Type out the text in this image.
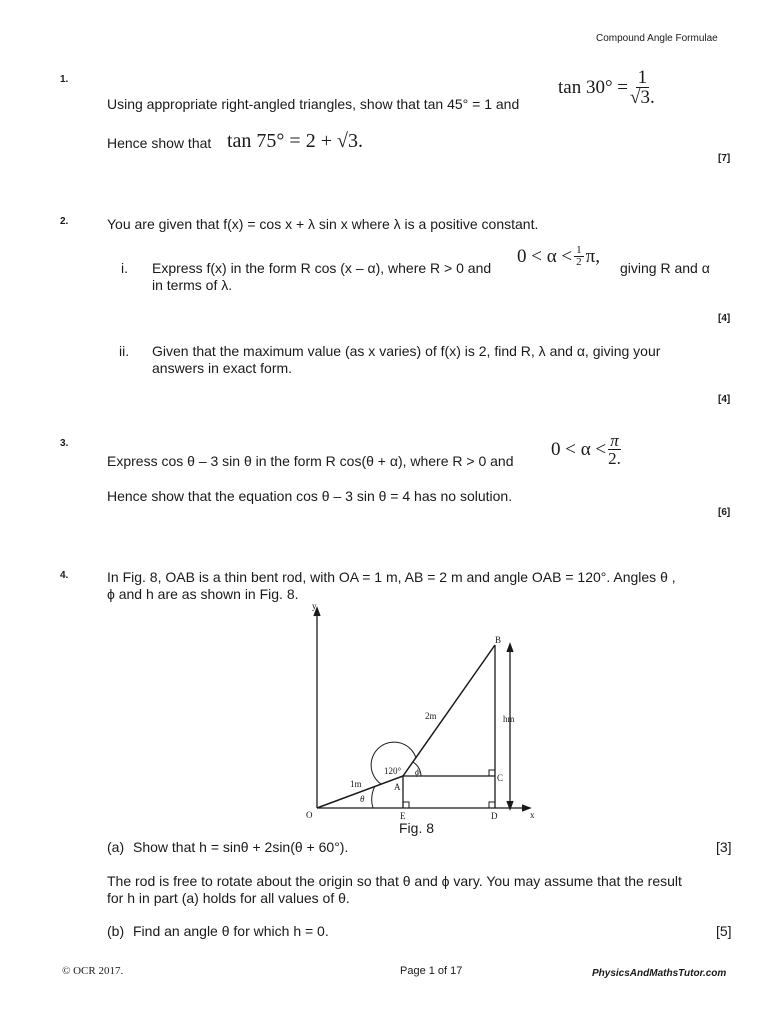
Compound Angle Formulae
1.
Using appropriate right-angled triangles, show that tan 45° = 1 and
$\tan 30^\circ = \frac{1}{√3.}$
Hence show that tan 75° = 2 + √3.
[7]
2.	You are given that f(x) = cos x + λ sin x where λ is a positive constant.
i. Express f(x) in the form R cos (x – α), where R > 0 and
$0 < \alpha < \frac{1}{2} \pi$,
giving R and α
in terms of λ.
[4]
ii. Given that the maximum value (as x varies) of f(x) is 2, find R, λ and α, giving your
answers in exact form.
[4]
3.
Express cos θ – 3 sin θ in the form R cos(θ + α), where R > 0 and
$0 < \alpha < \frac{\pi}{2.}$
Hence show that the equation cos θ – 3 sin θ = 4 has no solution.
[6]
4.	In Fig. 8, OAB is a thin bent rod, with OA = 1 m, AB = 2 m and angle OAB = 120°. Angles θ ,
ϕ and h are as shown in Fig. 8.
y
x
O
A
B
C
D
E
1m
2m	hm
120°
θ
ϕ
Fig. 8
(a) Show that h = sinθ + 2sin(θ + 60°).	[3]
The rod is free to rotate about the origin so that θ and ϕ vary. You may assume that the result
for h in part (a) holds for all values of θ.
(b) Find an angle θ for which h = 0.	[5]
© OCR 2017.	Page 1 of 17	PhysicsAndMathsTutor.com
